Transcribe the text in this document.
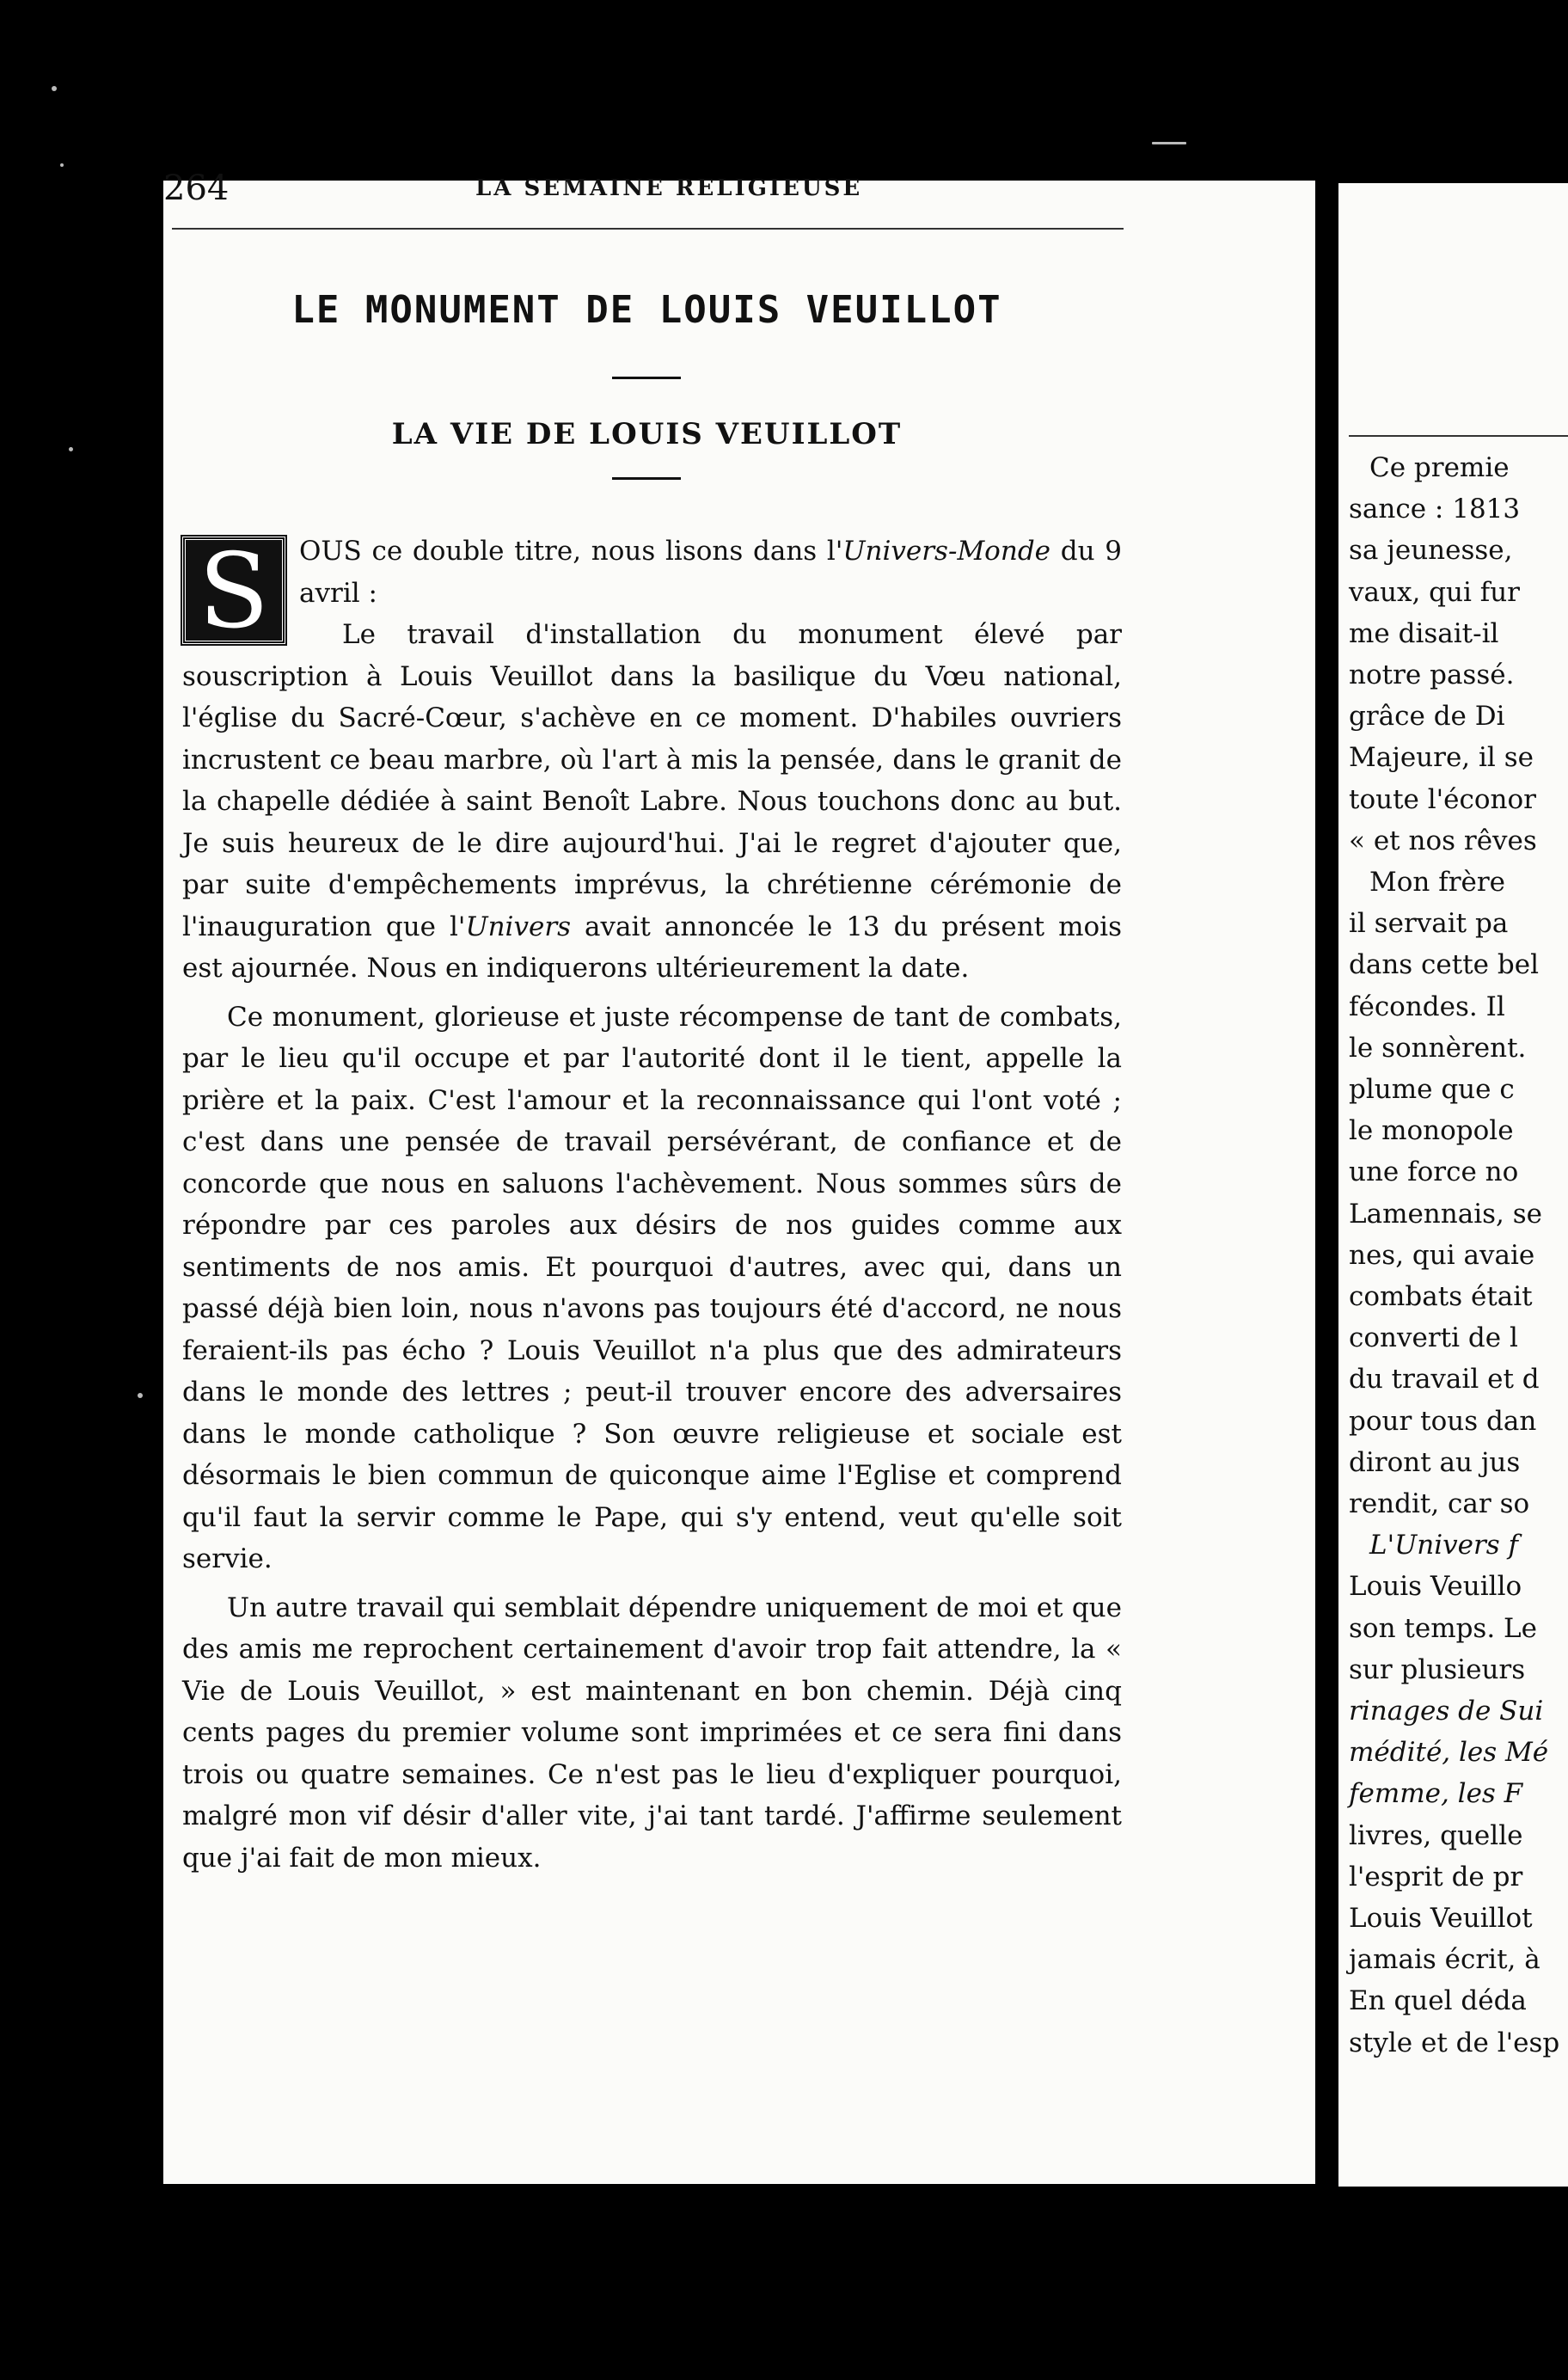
264	LA SEMAINE RELIGIEUSE
LE MONUMENT DE LOUIS VEUILLOT
LA VIE DE LOUIS VEUILLOT

S	OUS ce double titre, nous lisons dans l'Univers-Monde du 9 avril :
Le travail d'installation du monument élevé par souscription à Louis Veuillot dans la basilique du Vœu national, l'église du Sacré-Cœur, s'achève en ce moment. D'habiles ouvriers incrustent ce beau marbre, où l'art à mis la pensée, dans le granit de la chapelle dédiée à saint Benoît Labre. Nous touchons donc au but. Je suis heureux de le dire aujourd'hui. J'ai le regret d'ajouter que, par suite d'empêchements imprévus, la chrétienne cérémonie de l'inauguration que l'Univers avait annoncée le 13 du présent mois est ajournée. Nous en indiquerons ultérieurement la date.

Ce monument, glorieuse et juste récompense de tant de combats, par le lieu qu'il occupe et par l'autorité dont il le tient, appelle la prière et la paix. C'est l'amour et la reconnaissance qui l'ont voté ; c'est dans une pensée de travail persévérant, de confiance et de concorde que nous en saluons l'achèvement. Nous sommes sûrs de répondre par ces paroles aux désirs de nos guides comme aux sentiments de nos amis. Et pourquoi d'autres, avec qui, dans un passé déjà bien loin, nous n'avons pas toujours été d'accord, ne nous feraient-ils pas écho ? Louis Veuillot n'a plus que des admirateurs dans le monde des lettres ; peut-il trouver encore des adversaires dans le monde catholique ? Son œuvre religieuse et sociale est désormais le bien commun de quiconque aime l'Eglise et comprend qu'il faut la servir comme le Pape, qui s'y entend, veut qu'elle soit servie.

Un autre travail qui semblait dépendre uniquement de moi et que des amis me reprochent certainement d'avoir trop fait attendre, la « Vie de Louis Veuillot, » est maintenant en bon chemin. Déjà cinq cents pages du premier volume sont imprimées et ce sera fini dans trois ou quatre semaines. Ce n'est pas le lieu d'expliquer pourquoi, malgré mon vif désir d'aller vite, j'ai tant tardé. J'affirme seulement que j'ai fait de mon mieux.

Ce premie
sance : 1813
sa jeunesse,
vaux, qui fur
me disait-il
notre passé.
grâce de Di
Majeure, il se
toute l'éconor
« et nos rêves
Mon frère
il servait pa
dans cette bel
fécondes. Il
le sonnèrent.
plume que c
le monopole
une force no
Lamennais, se
nes, qui avaie
combats était
converti de l
du travail et d
pour tous dan
diront au jus
rendit, car so
L'Univers f
Louis Veuillo
son temps. Le
sur plusieurs
rinages de Sui
médité, les Mé
femme, les F
livres, quelle
l'esprit de pr
Louis Veuillot
jamais écrit, à
En quel déda
style et de l'esp
